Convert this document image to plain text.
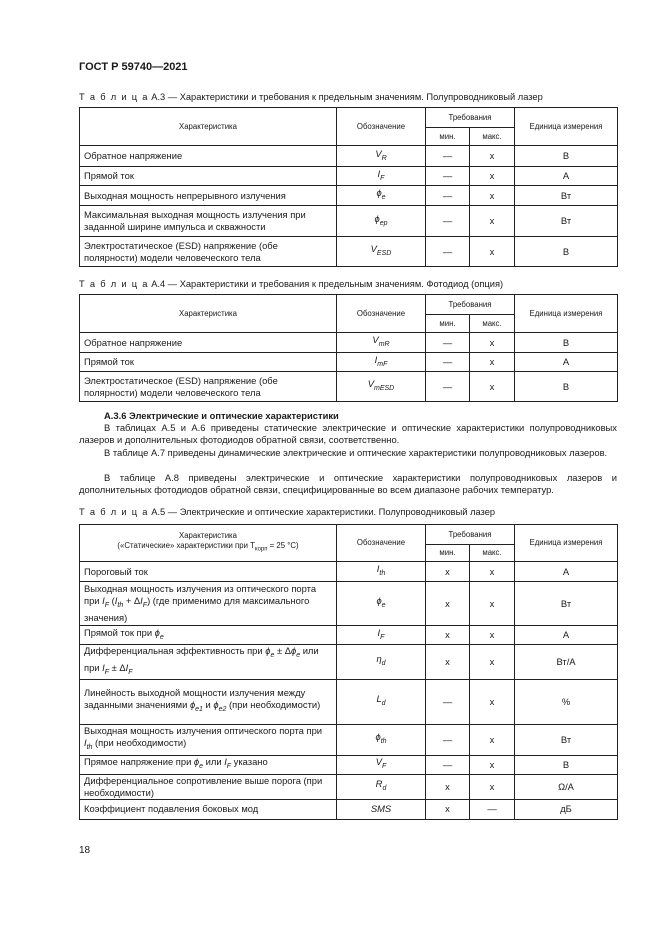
ГОСТ Р 59740—2021
Т а б л и ц а А.3 — Характеристики и требования к предельным значениям. Полупроводниковый лазер
Характеристика	Обозначение	Требования		Единица измерения
		мин.	макс.	
Обратное напряжение	$V_R$	—	x	В
Прямой ток	$I_F$	—	x	А
Выходная мощность непрерывного излучения	$\phi_e$	—	x	Вт
Максимальная выходная мощность излучения при заданной ширине импульса и скважности	$\phi_{ep}$	—	x	Вт
Электростатическое (ESD) напряжение (обе полярности) модели человеческого тела	$V_{ESD}$	—	x	В
Т а б л и ц а А.4 — Характеристики и требования к предельным значениям. Фотодиод (опция)
Характеристика	Обозначение	Требования		Единица измерения
		мин.	макс.	
Обратное напряжение	$V_{mR}$	—	x	В
Прямой ток	$I_{mF}$	—	x	А
Электростатическое (ESD) напряжение (обе полярности) модели человеческого тела	$V_{mESD}$	—	x	В
А.3.6 Электрические и оптические характеристики
В таблицах А.5 и А.6 приведены статические электрические и оптические характеристики полупроводниковых лазеров и дополнительных фотодиодов обратной связи, соответственно.
В таблице А.7 приведены динамические электрические и оптические характеристики полупроводниковых лазеров.
В таблице А.8 приведены электрические и оптические характеристики полупроводниковых лазеров и дополнительных фотодиодов обратной связи, специфицированные во всем диапазоне рабочих температур.
Т а б л и ц а А.5 — Электрические и оптические характеристики. Полупроводниковый лазер
Характеристика
(«Статические» характеристики при $T_{корп} = 25$ °С)	Обозначение	Требования		Единица измерения
		мин.	макс.	
Пороговый ток	$I_{th}$	x	x	А
Выходная мощность излучения из оптического порта при $I_F$ $(I_{th} + \Delta I_F)$ (где применимо для максимального значения)	$\phi_e$	x	x	Вт
Прямой ток при $\phi_e$	$I_F$	x	x	А
Дифференциальная эффективность при $\phi_e \pm \Delta\phi_e$ или при $I_F \pm \Delta I_F$	$\eta_d$	x	x	Вт/А
Линейность выходной мощности излучения между заданными значениями $\phi_{e1}$ и $\phi_{e2}$ (при необходимости)	$L_d$	—	x	%
Выходная мощность излучения оптического порта при $I_{th}$ (при необходимости)	$\phi_{th}$	—	x	Вт
Прямое напряжение при $\phi_e$ или $I_F$ указано	$V_F$	—	x	В
Дифференциальное сопротивление выше порога (при необходимости)	$R_d$	x	x	Ω/А
Коэффициент подавления боковых мод	SMS	x	—	дБ
18
